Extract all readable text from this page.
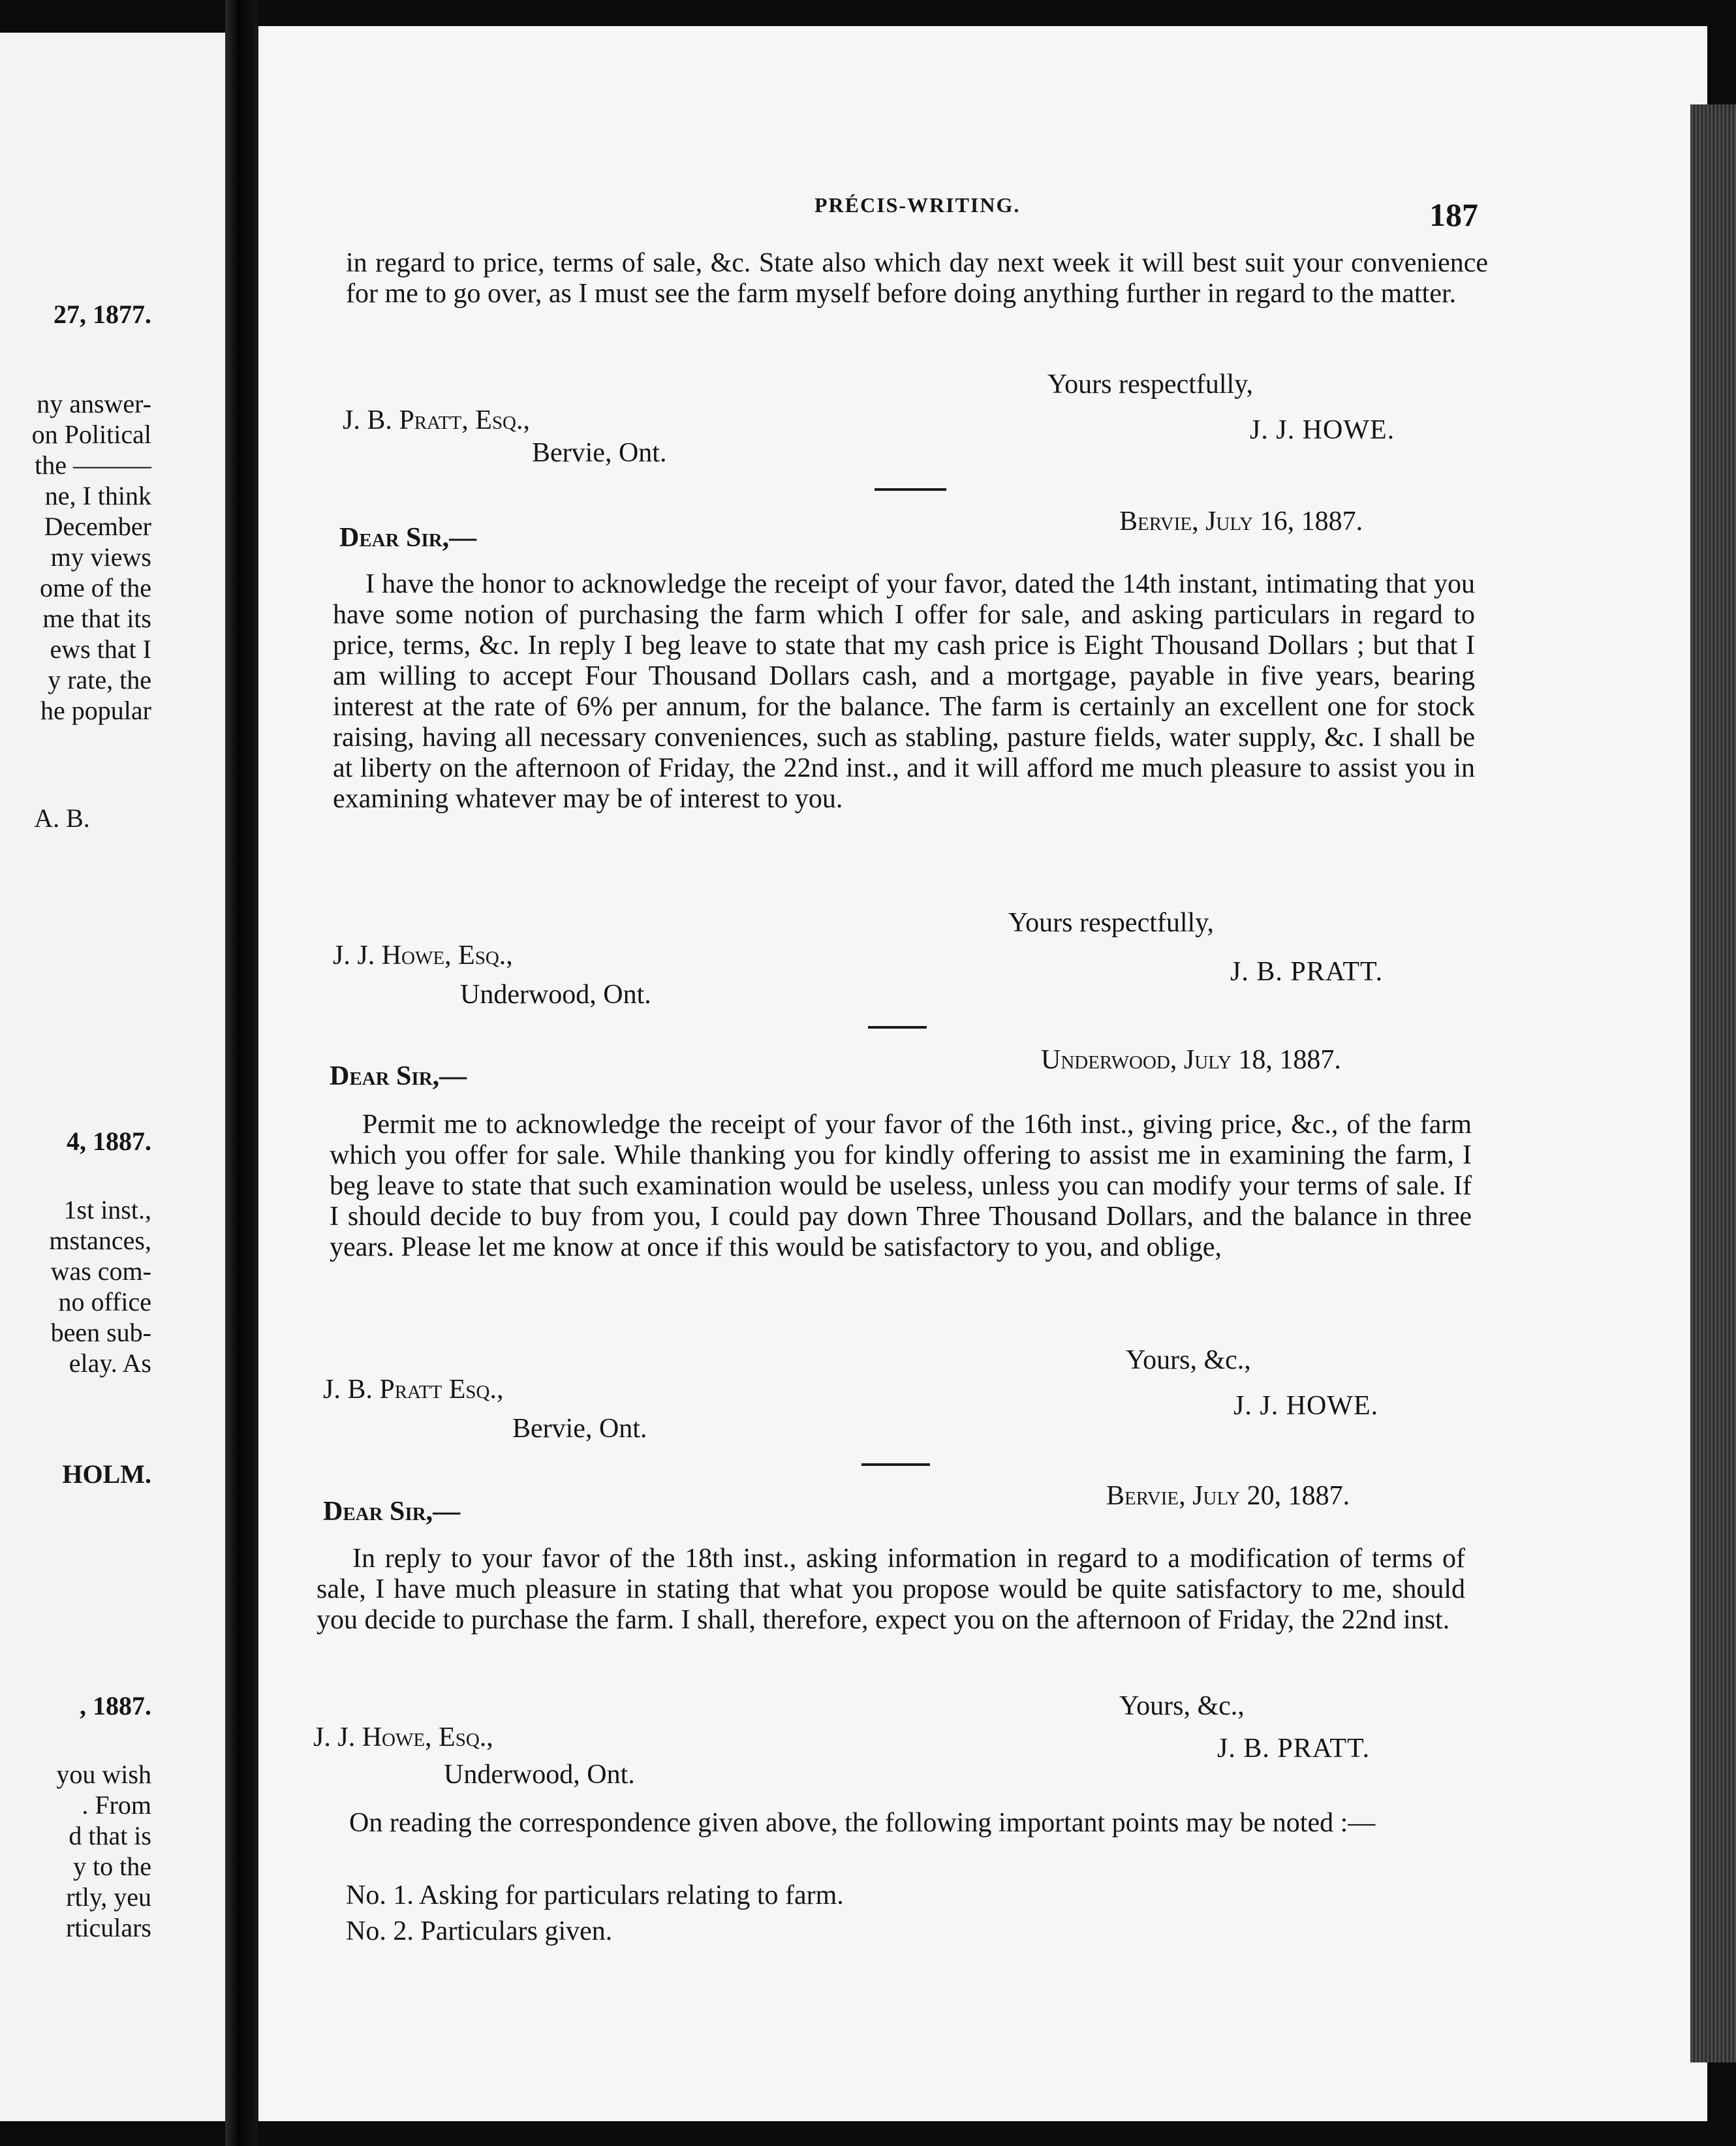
27, 1877.
ny answer-
on Political
the ———
ne, I think
December
my views
ome of the
me that its
ews that I
y rate, the
he popular
A. B.
4, 1887.
1st inst.,
mstances,
was com-
no office
been sub-
elay. As
HOLM.
, 1887.
you wish
. From
d that is
y to the
rtly, yeu
rticulars
PRÉCIS-WRITING.	187
in regard to price, terms of sale, &c. State also which day next week it will best suit your convenience for me to go over, as I must see the farm myself before doing anything further in regard to the matter.
Yours respectfully,
J. B. Pratt, Esq.,	J. J. HOWE.
Bervie, Ont.
Bervie, July 16, 1887.
Dear Sir,—
I have the honor to acknowledge the receipt of your favor, dated the 14th instant, intimating that you have some notion of purchasing the farm which I offer for sale, and asking particulars in regard to price, terms, &c. In reply I beg leave to state that my cash price is Eight Thousand Dollars ; but that I am willing to accept Four Thousand Dollars cash, and a mortgage, payable in five years, bearing interest at the rate of 6% per annum, for the balance. The farm is certainly an excellent one for stock raising, having all necessary conveniences, such as stabling, pasture fields, water supply, &c. I shall be at liberty on the afternoon of Friday, the 22nd inst., and it will afford me much pleasure to assist you in examining whatever may be of interest to you.
Yours respectfully,
J. J. Howe, Esq.,
J. B. PRATT.
Underwood, Ont.
Underwood, July 18, 1887.
Dear Sir,—
Permit me to acknowledge the receipt of your favor of the 16th inst., giving price, &c., of the farm which you offer for sale. While thanking you for kindly offering to assist me in examining the farm, I beg leave to state that such examination would be useless, unless you can modify your terms of sale. If I should decide to buy from you, I could pay down Three Thousand Dollars, and the balance in three years. Please let me know at once if this would be satisfactory to you, and oblige,
Yours, &c.,
J. B. Pratt Esq.,
J. J. HOWE.
Bervie, Ont.
Bervie, July 20, 1887.
Dear Sir,—
In reply to your favor of the 18th inst., asking information in regard to a modification of terms of sale, I have much pleasure in stating that what you propose would be quite satisfactory to me, should you decide to purchase the farm. I shall, therefore, expect you on the afternoon of Friday, the 22nd inst.
Yours, &c.,
J. J. Howe, Esq.,	J. B. PRATT.
Underwood, Ont.
On reading the correspondence given above, the following important points may be noted :—
No. 1. Asking for particulars relating to farm.
No. 2. Particulars given.
